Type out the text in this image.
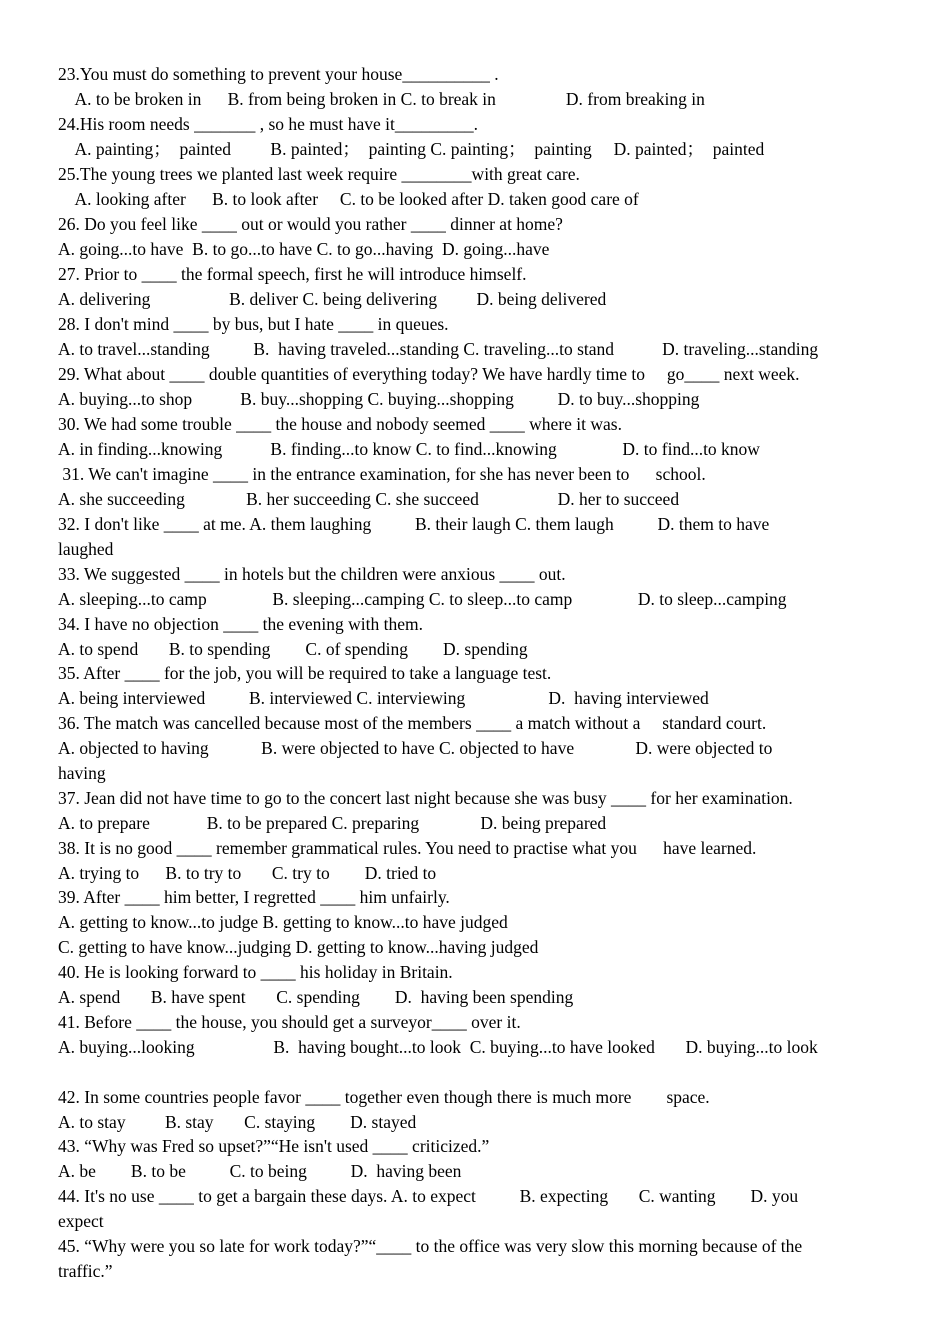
23.You must do something to prevent your house__________ .
A. to be broken in      B. from being broken in C. to break in                D. from breaking in
24.His room needs _______ , so he must have it_________.
A. painting；  painted         B. painted；  painting C. painting；  painting     D. painted；  painted
25.The young trees we planted last week require ________with great care.
A. looking after      B. to look after     C. to be looked after D. taken good care of
26. Do you feel like ____ out or would you rather ____ dinner at home?
A. going...to have  B. to go...to have C. to go...having  D. going...have
27. Prior to ____ the formal speech, first he will introduce himself.
A. delivering                  B. deliver C. being delivering         D. being delivered
28. I don't mind ____ by bus, but I hate ____ in queues.
A. to travel...standing          B.  having traveled...standing C. traveling...to stand           D. traveling...standing
29. What about ____ double quantities of everything today? We have hardly time to     go____ next week.
A. buying...to shop           B. buy...shopping C. buying...shopping          D. to buy...shopping
30. We had some trouble ____ the house and nobody seemed ____ where it was.
A. in finding...knowing           B. finding...to know C. to find...knowing               D. to find...to know
31. We can't imagine ____ in the entrance examination, for she has never been to      school.
A. she succeeding              B. her succeeding C. she succeed                  D. her to succeed
32. I don't like ____ at me. A. them laughing          B. their laugh C. them laugh          D. them to have
laughed
33. We suggested ____ in hotels but the children were anxious ____ out.
A. sleeping...to camp               B. sleeping...camping C. to sleep...to camp               D. to sleep...camping
34. I have no objection ____ the evening with them.
A. to spend       B. to spending        C. of spending        D. spending
35. After ____ for the job, you will be required to take a language test.
A. being interviewed          B. interviewed C. interviewing                   D.  having interviewed
36. The match was cancelled because most of the members ____ a match without a     standard court.
A. objected to having            B. were objected to have C. objected to have              D. were objected to
having
37. Jean did not have time to go to the concert last night because she was busy ____ for her examination.
A. to prepare             B. to be prepared C. preparing              D. being prepared
38. It is no good ____ remember grammatical rules. You need to practise what you      have learned.
A. trying to      B. to try to       C. try to        D. tried to
39. After ____ him better, I regretted ____ him unfairly.
A. getting to know...to judge B. getting to know...to have judged
C. getting to have know...judging D. getting to know...having judged
40. He is looking forward to ____ his holiday in Britain.
A. spend       B. have spent       C. spending        D.  having been spending
41. Before ____ the house, you should get a surveyor____ over it.
A. buying...looking                  B.  having bought...to look  C. buying...to have looked       D. buying...to look
42. In some countries people favor ____ together even though there is much more        space.
A. to stay         B. stay       C. staying        D. stayed
43. “Why was Fred so upset?”“He isn't used ____ criticized.”
A. be        B. to be          C. to being          D.  having been
44. It's no use ____ to get a bargain these days. A. to expect          B. expecting       C. wanting        D. you
expect
45. “Why were you so late for work today?”“____ to the office was very slow this morning because of the
traffic.”
